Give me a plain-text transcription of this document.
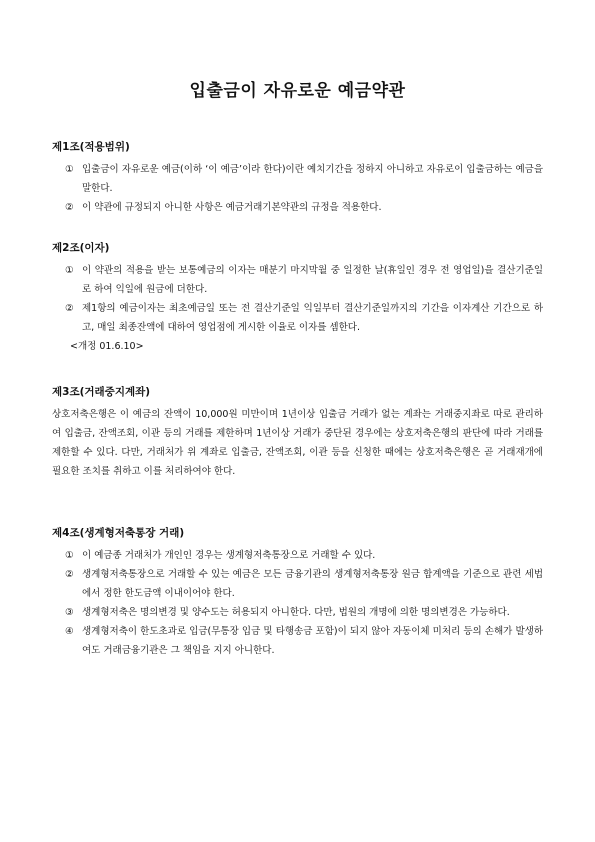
입출금이 자유로운 예금약관
제1조(적용범위)
① 입출금이 자유로운 예금(이하 ‘이 예금’이라 한다)이란 예치기간을 정하지 아니하고 자유로이 입출금하는 예금을 말한다.
② 이 약관에 규정되지 아니한 사항은 예금거래기본약관의 규정을 적용한다.
제2조(이자)
① 이 약관의 적용을 받는 보통예금의 이자는 매분기 마지막월 중 일정한 날(휴일인 경우 전 영업일)을 결산기준일로 하여 익일에 원금에 더한다.
② 제1항의 예금이자는 최초예금일 또는 전 결산기준일 익일부터 결산기준일까지의 기간을 이자계산 기간으로 하고, 매일 최종잔액에 대하여 영업점에 게시한 이율로 이자를 셈한다.
<개정 01.6.10>
제3조(거래중지계좌)
상호저축은행은 이 예금의 잔액이 10,000원 미만이며 1년이상 입출금 거래가 없는 계좌는 거래중지좌로 따로 관리하여 입출금, 잔액조회, 이관 등의 거래를 제한하며 1년이상 거래가 중단된 경우에는 상호저축은행의 판단에 따라 거래를 제한할 수 있다. 다만, 거래처가 위 계좌로 입출금, 잔액조회, 이관 등을 신청한 때에는 상호저축은행은 곧 거래재개에 필요한 조치를 취하고 이를 처리하여야 한다.
제4조(생계형저축통장 거래)
① 이 예금종 거래처가 개인인 경우는 생계형저축통장으로 거래할 수 있다.
② 생계형저축통장으로 거래할 수 있는 예금은 모든 금융기관의 생계형저축통장 원금 합계액을 기준으로 관련 세법에서 정한 한도금액 이내이어야 한다.
③ 생계형저축은 명의변경 및 양수도는 허용되지 아니한다. 다만, 법원의 개명에 의한 명의변경은 가능하다.
④ 생계형저축이 한도초과로 입금(무통장 입금 및 타행송금 포함)이 되지 않아 자동이체 미처리 등의 손해가 발생하여도 거래금융기관은 그 책임을 지지 아니한다.
